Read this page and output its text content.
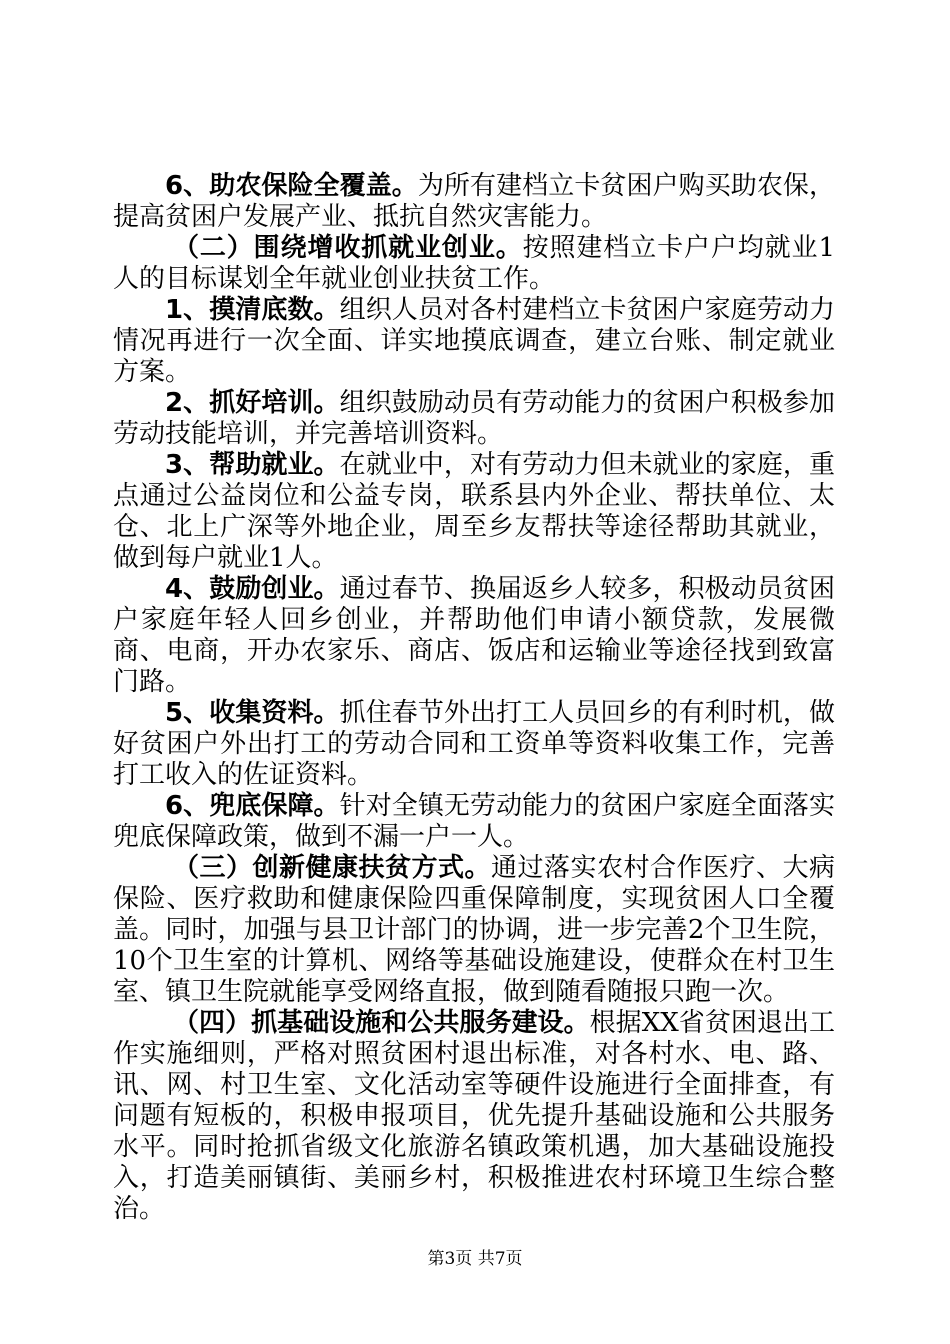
6、助农保险全覆盖。为所有建档立卡贫困户购买助农保，提高贫困户发展产业、抵抗自然灾害能力。

（二）围绕增收抓就业创业。按照建档立卡户户均就业1人的目标谋划全年就业创业扶贫工作。

1、摸清底数。组织人员对各村建档立卡贫困户家庭劳动力情况再进行一次全面、详实地摸底调查，建立台账、制定就业方案。

2、抓好培训。组织鼓励动员有劳动能力的贫困户积极参加劳动技能培训，并完善培训资料。

3、帮助就业。在就业中，对有劳动力但未就业的家庭，重点通过公益岗位和公益专岗，联系县内外企业、帮扶单位、太仓、北上广深等外地企业，周至乡友帮扶等途径帮助其就业，做到每户就业1人。

4、鼓励创业。通过春节、换届返乡人较多，积极动员贫困户家庭年轻人回乡创业，并帮助他们申请小额贷款，发展微商、电商，开办农家乐、商店、饭店和运输业等途径找到致富门路。

5、收集资料。抓住春节外出打工人员回乡的有利时机，做好贫困户外出打工的劳动合同和工资单等资料收集工作，完善打工收入的佐证资料。

6、兜底保障。针对全镇无劳动能力的贫困户家庭全面落实兜底保障政策，做到不漏一户一人。

（三）创新健康扶贫方式。通过落实农村合作医疗、大病保险、医疗救助和健康保险四重保障制度，实现贫困人口全覆盖。同时，加强与县卫计部门的协调，进一步完善2个卫生院，10个卫生室的计算机、网络等基础设施建设，使群众在村卫生室、镇卫生院就能享受网络直报，做到随看随报只跑一次。

（四）抓基础设施和公共服务建设。根据XX省贫困退出工作实施细则，严格对照贫困村退出标准，对各村水、电、路、讯、网、村卫生室、文化活动室等硬件设施进行全面排查，有问题有短板的，积极申报项目，优先提升基础设施和公共服务水平。同时抢抓省级文化旅游名镇政策机遇，加大基础设施投入，打造美丽镇街、美丽乡村，积极推进农村环境卫生综合整治。

第3页 共7页
